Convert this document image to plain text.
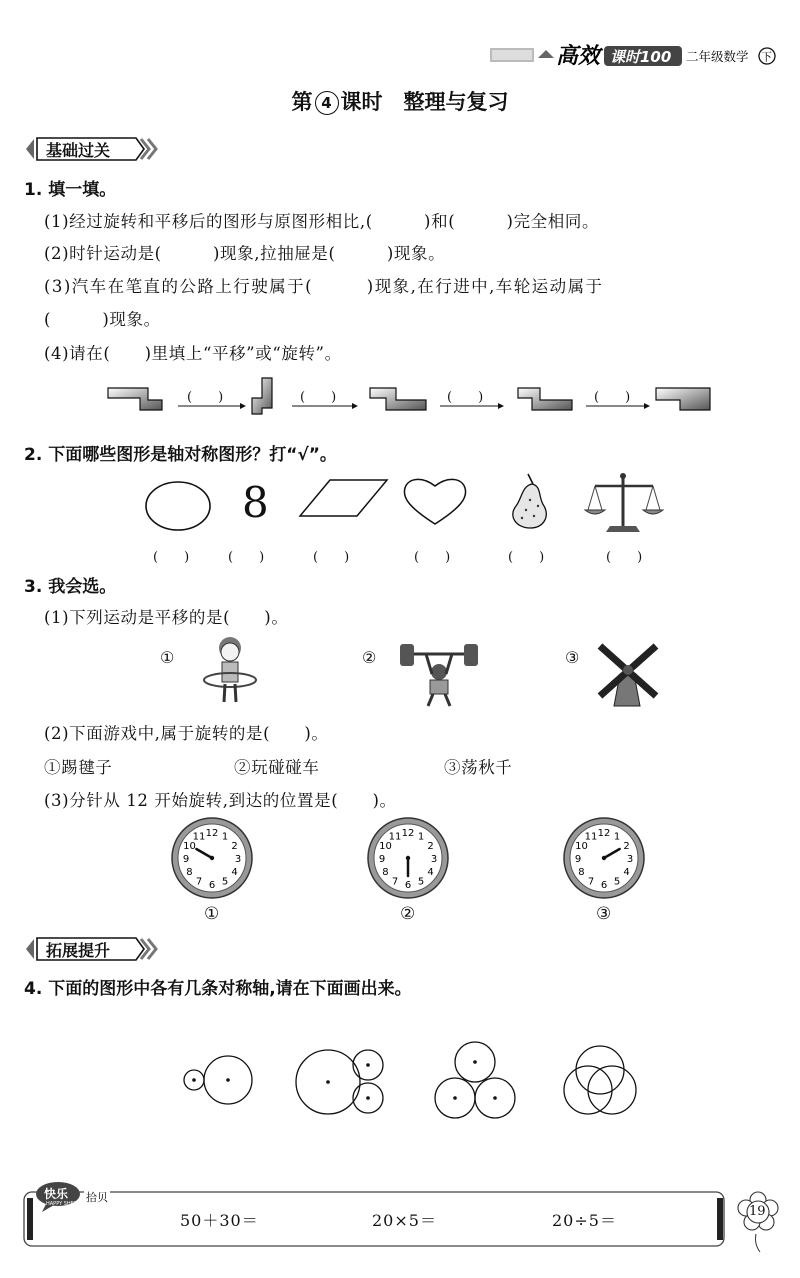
高效 课时100 二年级数学 下
第 4 课时　 整理与复习
基础过关
1. 填一填。
(1)经过旋转和平移后的图形与原图形相比,(　　　)和(　　　)完全相同。
(2)时针运动是(　　　)现象,拉抽屉是(　　　)现象。
(3)汽车在笔直的公路上行驶属于(　　　)现象,在行进中,车轮运动属于
(　　　)现象。
(4)请在(　　)里填上“平移”或“旋转”。
(　　)	(　　)	(　　)	(　　)
2. 下面哪些图形是轴对称图形？打“√”。
8
(　　)	(　　)	(　　)	(　　)	(　　)	(　　)
3. 我会选。
(1)下列运动是平移的是(　　)。
①	②	③
(2)下面游戏中,属于旋转的是(　　)。
①踢毽子	②玩碰碰车	③荡秋千
(3)分针从 12 开始旋转,到达的位置是(　　)。
12 1
2
3
4
5
6
7
8
9
10
11	12 1
2
3
4
5
6
7
8
9
10
11	12 1
2
3
4
5
6
7
8
9
10
11
①	②	③
拓展提升
4. 下面的图形中各有几条对称轴,请在下面画出来。
快乐 拾贝
HAPPY SHELL
50＋30＝	20×5＝	20÷5＝	19
